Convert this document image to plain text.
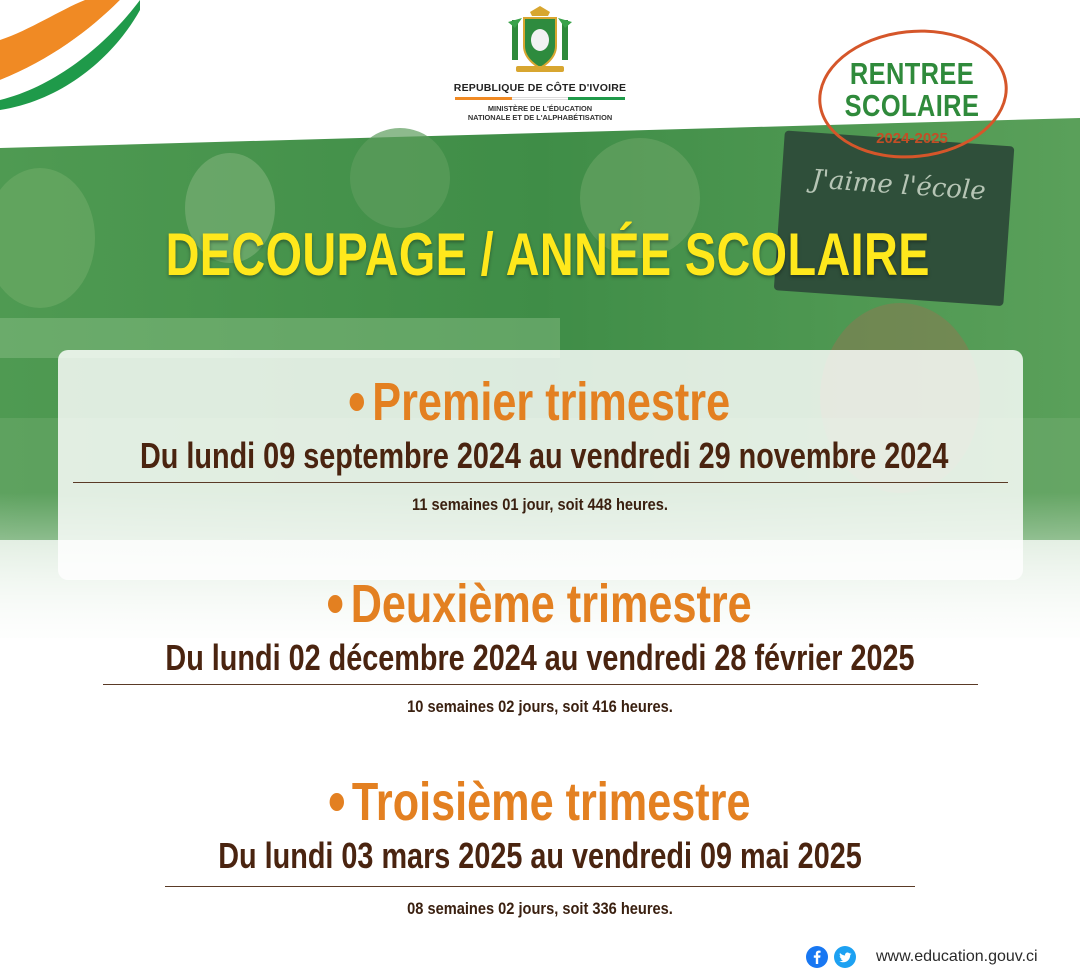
REPUBLIQUE DE CÔTE D'IVOIRE
MINISTÈRE DE L'ÉDUCATION
NATIONALE ET DE L'ALPHABÉTISATION
RENTREE
SCOLAIRE
2024-2025
DECOUPAGE / ANNÉE SCOLAIRE
Premier trimestre
Du lundi 09 septembre 2024 au vendredi 29 novembre 2024
11 semaines 01 jour, soit 448 heures.
Deuxième trimestre
Du lundi 02 décembre 2024 au vendredi 28 février 2025
10 semaines 02 jours, soit 416 heures.
Troisième trimestre
Du lundi 03 mars 2025 au vendredi 09 mai 2025
08 semaines 02 jours, soit 336 heures.
www.education.gouv.ci
